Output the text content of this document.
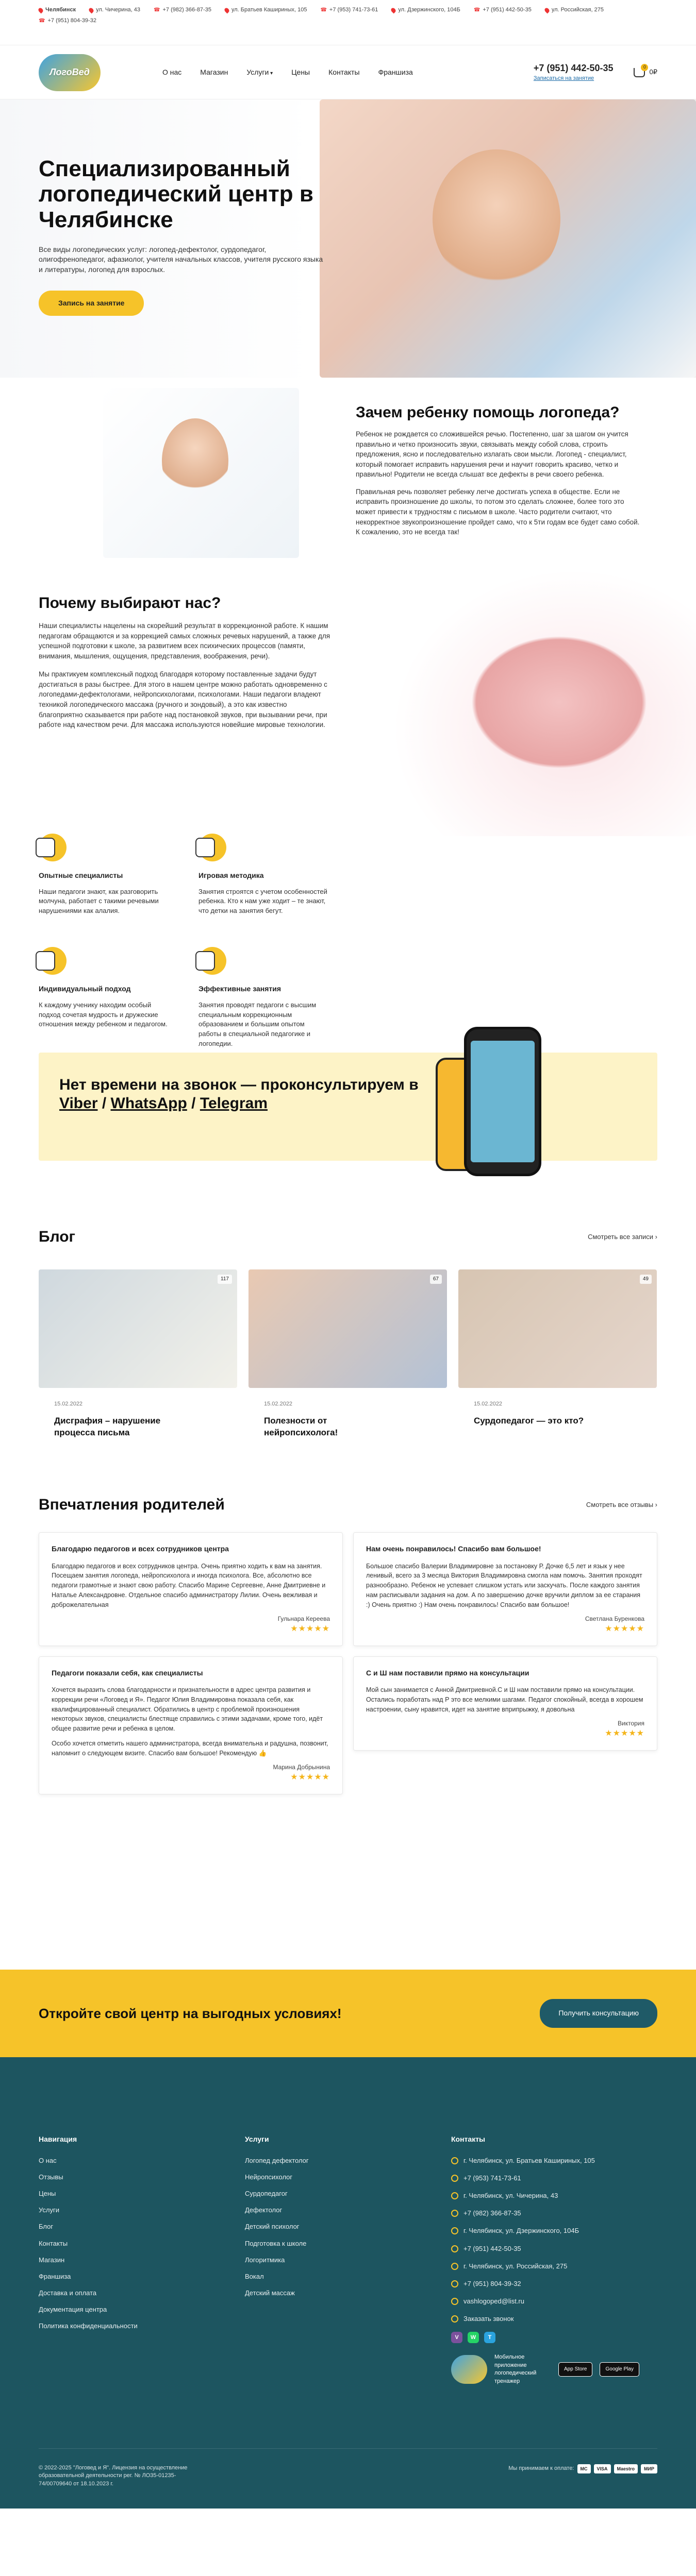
Челябинск	ул. Чичерина, 43	☎ +7 (982) 366-87-35	ул. Братьев Кашириных, 105	☎ +7 (953) 741-73-61	ул. Дзержинского, 104Б	☎ +7 (951) 442-50-35	ул. Российская, 275
☎ +7 (951) 804-39-32
ЛогоВед	О нас	Магазин	Услуги ▾	Цены	Контакты	Франшиза	+7 (951) 442-50-35
Записаться на занятие
0
0₽
Специализированный логопедический центр в Челябинске

Все виды логопедических услуг: логопед-дефектолог, сурдопедагог, олигофренопедагог, афазиолог, учителя начальных классов, учителя русского языка и литературы, логопед для взрослых.

Запись на занятие
Зачем ребенку помощь логопеда?

Ребенок не рождается со сложившейся речью. Постепенно, шаг за шагом он учится правильно и четко произносить звуки, связывать между собой слова, строить предложения, ясно и последовательно излагать свои мысли. Логопед - специалист, который помогает исправить нарушения речи и научит говорить красиво, четко и правильно! Родители не всегда слышат все дефекты в речи своего ребенка.

Правильная речь позволяет ребенку легче достигать успеха в обществе. Если не исправить произношение до школы, то потом это сделать сложнее, более того это может привести к трудностям с письмом в школе. Часто родители считают, что некорректное звукопроизношение пройдет само, что к 5ти годам все будет само собой. К сожалению, это не всегда так!

Почему выбирают нас?

Наши специалисты нацелены на скорейший результат в коррекционной работе. К нашим педагогам обращаются и за коррекцией самых сложных речевых нарушений, а также для успешной подготовки к школе, за развитием всех психических процессов (памяти, внимания, мышления, ощущения, представления, воображения, речи).

Мы практикуем комплексный подход благодаря которому поставленные задачи будут достигаться в разы быстрее. Для этого в нашем центре можно работать одновременно с логопедами-дефектологами, нейропсихологами, психологами. Наши педагоги владеют техникой логопедического массажа (ручного и зондовый), а это как известно благоприятно сказывается при работе над постановкой звуков, при вызывании речи, при работе над качеством речи. Для массажа используются новейшие мировые технологии.

Опытные специалисты

Наши педагоги знают, как разговорить молчуна, работает с такими речевыми нарушениями как алалия.

Игровая методика

Занятия строятся с учетом особенностей ребенка. Кто к нам уже ходит – те знают, что детки на занятия бегут.

Индивидуальный подход

К каждому ученику находим особый подход сочетая мудрость и дружеские отношения между ребенком и педагогом.

Эффективные занятия

Занятия проводят педагоги с высшим специальным коррекционным образованием и большим опытом работы в специальной педагогике и логопедии.

Нет времени на звонок — проконсультируем в Viber / WhatsApp / Telegram
Блог	Смотреть все записи ›
117
15.02.2022
Дисграфия – нарушение процесса письма
67
15.02.2022
Полезности от нейропсихолога!
49
15.02.2022
Сурдопедагог — это кто?
Впечатления родителей	Смотреть все отзывы ›
Благодарю педагогов и всех сотрудников центра

Благодарю педагогов и всех сотрудников центра. Очень приятно ходить к вам на занятия. Посещаем занятия логопеда, нейропсихолога и иногда психолога. Все, абсолютно все педагоги грамотные и знают свою работу. Спасибо Марине Сергеевне, Анне Дмитриевне и Наталье Александровне. Отдельное спасибо администратору Лилии. Очень вежливая и доброжелательная

Гульнара Кереева
★★★★★
Педагоги показали себя, как специалисты

Хочется выразить слова благодарности и признательности в адрес центра развития и коррекции речи «Логовед и Я». Педагог Юлия Владимировна показала себя, как квалифицированный специалист. Обратились в центр с проблемой произношения некоторых звуков, специалисты блестяще справились с этими задачами, кроме того, идёт общее развитие речи и ребенка в целом.

Особо хочется отметить нашего администратора, всегда внимательна и радушна, позвонит, напомнит о следующем визите. Спасибо вам большое! Рекомендую 👍

Марина Добрынина
★★★★★
Нам очень понравилось! Спасибо вам большое!

Большое спасибо Валерии Владимировне за постановку Р. Дочке 6,5 лет и язык у нее ленивый, всего за 3 месяца Виктория Владимировна смогла нам помочь. Занятия проходят разнообразно. Ребенок не успевает слишком устать или заскучать. После каждого занятия нам расписывали задания на дом. А по завершению дочке вручили диплом за ее старания :) Очень приятно :) Нам очень понравилось! Спасибо вам большое!

Светлана Буренкова
★★★★★
С и Ш нам поставили прямо на консультации

Мой сын занимается с Анной Дмитриевной.С и Ш нам поставили прямо на консультации. Остались поработать над Р это все мелкими шагами. Педагог спокойный, всегда в хорошем настроении, сыну нравится, идет на занятие вприпрыжку, я довольна

Виктория
★★★★★
Откройте свой центр на выгодных условиях!	Получить консультацию
Навигация
О нас
Отзывы
Цены
Услуги
Блог
Контакты
Магазин
Франшиза
Доставка и оплата
Документация центра
Политика конфиденциальности
Услуги
Логопед дефектолог
Нейропсихолог
Сурдопедагог
Дефектолог
Детский психолог
Подготовка к школе
Логоритмика
Вокал
Детский массаж
Контакты
г. Челябинск, ул. Братьев Кашириных, 105
+7 (953) 741-73-61
г. Челябинск, ул. Чичерина, 43
+7 (982) 366-87-35
г. Челябинск, ул. Дзержинского, 104Б
+7 (951) 442-50-35
г. Челябинск, ул. Российская, 275
+7 (951) 804-39-32
vashlogoped@list.ru
Заказать звонок
V	W	T
Мобильное приложение логопедический тренажер
App Store	Google Play
© 2022-2025 "Логовед и Я". Лицензия на осуществление образовательной деятельности рег. № ЛО35-01235-74/00709640 от 18.10.2023 г.
Мы принимаем к оплате:	MC	VISA	Maestro	МИР
